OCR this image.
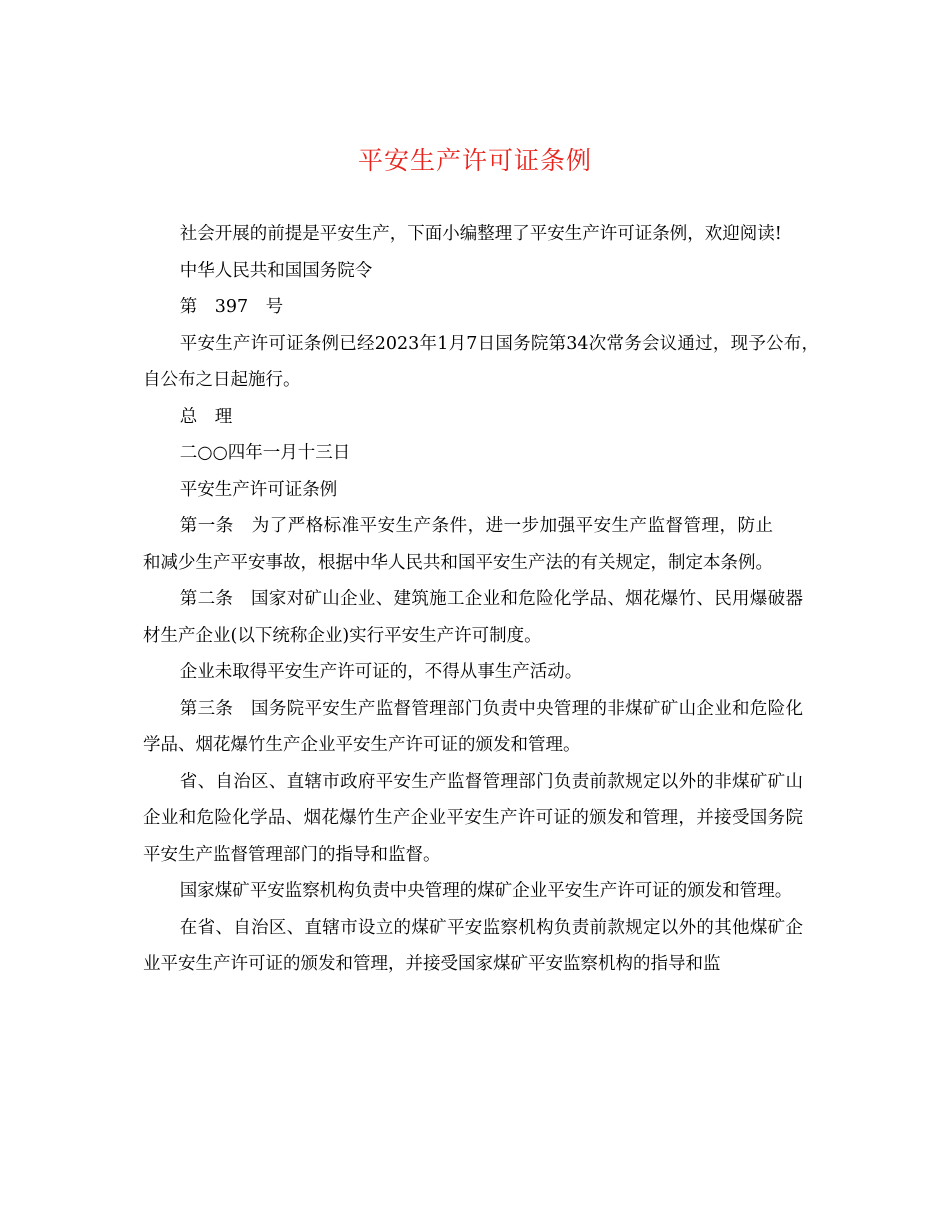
平安生产许可证条例

社会开展的前提是平安生产，下面小编整理了平安生产许可证条例，欢迎阅读!

中华人民共和国国务院令

第　397　号

平安生产许可证条例已经2023年1月7日国务院第34次常务会议通过，现予公布，自公布之日起施行。

总　理

二○○四年一月十三日

平安生产许可证条例

第一条　为了严格标准平安生产条件，进一步加强平安生产监督管理，防止和减少生产平安事故，根据中华人民共和国平安生产法的有关规定，制定本条例。

第二条　国家对矿山企业、建筑施工企业和危险化学品、烟花爆竹、民用爆破器材生产企业(以下统称企业)实行平安生产许可制度。

企业未取得平安生产许可证的，不得从事生产活动。

第三条　国务院平安生产监督管理部门负责中央管理的非煤矿矿山企业和危险化学品、烟花爆竹生产企业平安生产许可证的颁发和管理。

省、自治区、直辖市政府平安生产监督管理部门负责前款规定以外的非煤矿矿山企业和危险化学品、烟花爆竹生产企业平安生产许可证的颁发和管理，并接受国务院平安生产监督管理部门的指导和监督。

国家煤矿平安监察机构负责中央管理的煤矿企业平安生产许可证的颁发和管理。

在省、自治区、直辖市设立的煤矿平安监察机构负责前款规定以外的其他煤矿企业平安生产许可证的颁发和管理，并接受国家煤矿平安监察机构的指导和监
